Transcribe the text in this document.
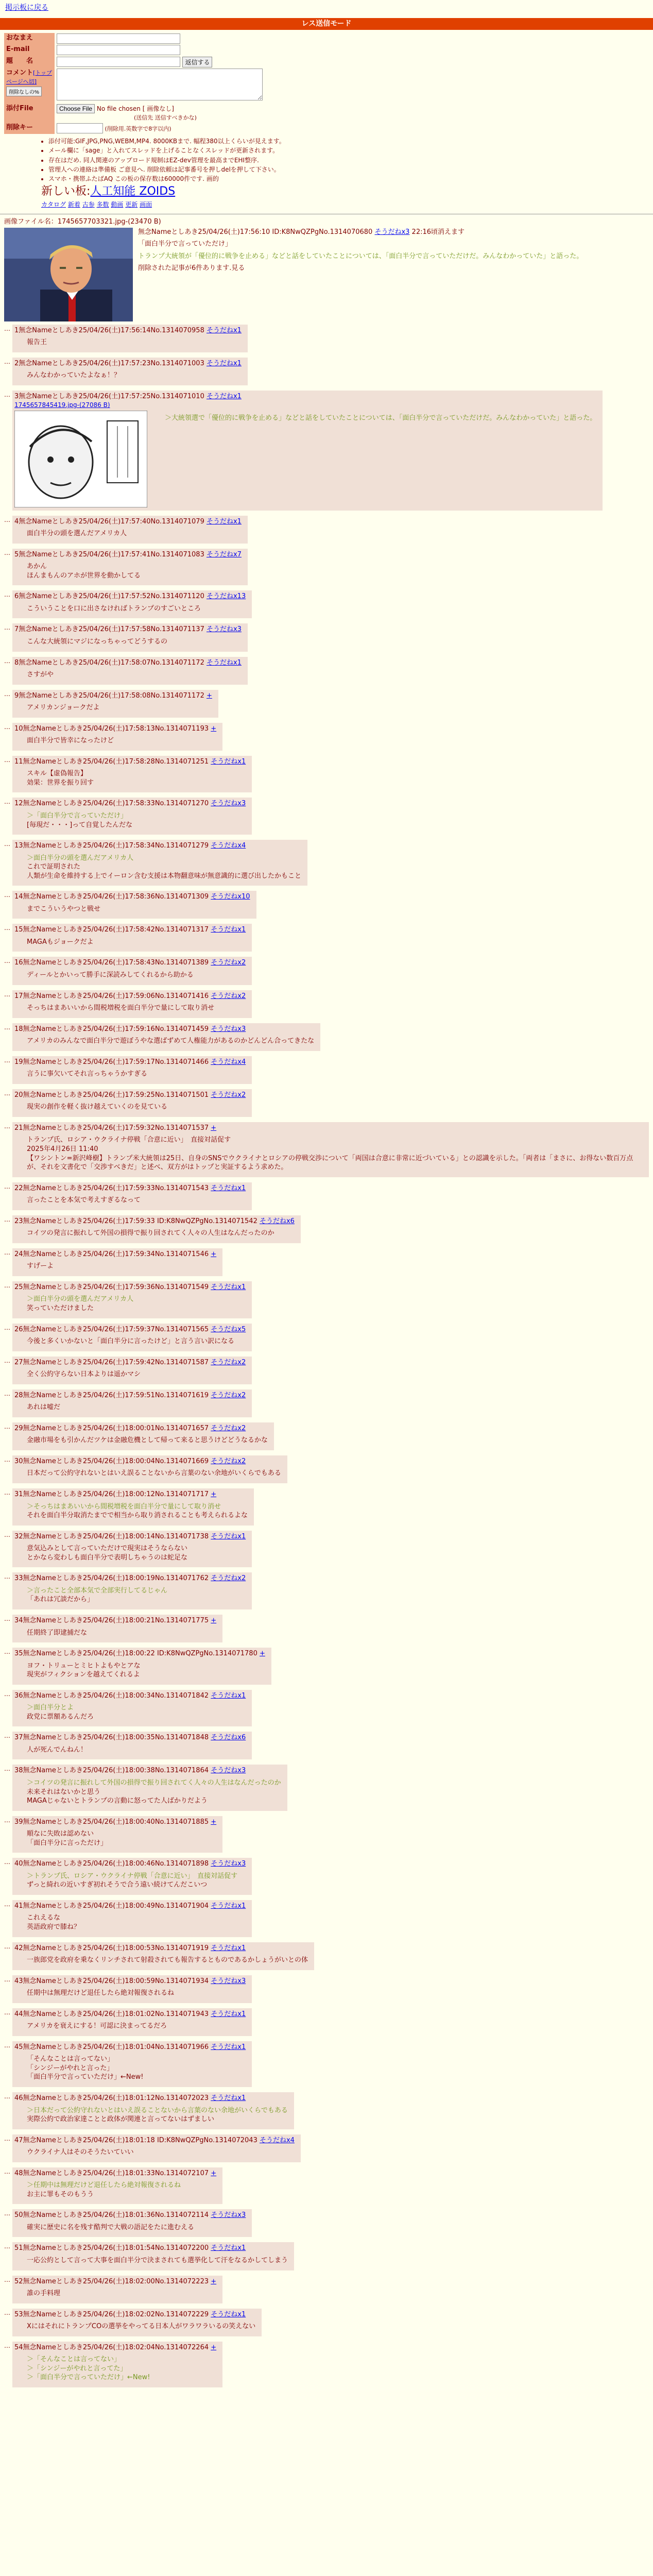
掲示板に戻る
レス送信モード
おなまえ	
E-mail	
題　　名	返信する
コメント[トップページへ切] 削除なしの%	
添付File	Choose File No file chosen [ 画像なし]
(送信先 送信すべきかな)
削除キー	(削除用.英数字で8字以内)
• 添付可能:GIF,JPG,PNG,WEBM,MP4. 8000KBまで. 幅程380以上くらいが見えます。
• メール欄に「sage」と入れてスレッドを上げることなくスレッドが更新されます。
• 存在はだめ. 同人関連のアップロード規制はEZ-dev管理を最高までEHI整序.
• 管理人への連絡は準備板 ご意見へ. 削除依頼は記事番号を押しdelを押して下さい。
• スマホ・携帯ふたばAQ この板の保存数は60000件です. 画的
新しい板:人工知能 ZOIDS
カタログ 新着 古参 多数 動画 更新 画面
画像ファイル名：1745657703321.jpg-(23470 B)
無念Nameとしあき25/04/26(土)17:56:10 ID:K8NwQZPgNo.1314070680 そうだねx3 22:16頃消えます

「面白半分で言っていただけ」

トランプ大統領が「優位的に戦争を止める」などと話をしていたことについては、「面白半分で言っていただけだ。みんなわかっていた」と語った。

削除された記事が6件あります.見る

… 1無念Nameとしあき25/04/26(土)17:56:14No.1314070958 そうだねx1
報告王
… 2無念Nameとしあき25/04/26(土)17:57:23No.1314071003 そうだねx1
みんなわかっていたよなぁ！？
… 3無念Nameとしあき25/04/26(土)17:57:25No.1314071010 そうだねx1
1745657845419.jpg-(27086 B)
＞大統領選で「優位的に戦争を止める」などと話をしていたことについては、「面白半分で言っていただけだ。みんなわかっていた」と語った。
… 4無念Nameとしあき25/04/26(土)17:57:40No.1314071079 そうだねx1
面白半分の頭を選んだアメリカ人
… 5無念Nameとしあき25/04/26(土)17:57:41No.1314071083 そうだねx7
あかん
ほんまもんのアホが世界を動かしてる
… 6無念Nameとしあき25/04/26(土)17:57:52No.1314071120 そうだねx13
こういうことを口に出さなければトランプのすごいところ
… 7無念Nameとしあき25/04/26(土)17:57:58No.1314071137 そうだねx3
こんな大統領にマジになっちゃってどうするの
… 8無念Nameとしあき25/04/26(土)17:58:07No.1314071172 そうだねx1
さすがや
… 9無念Nameとしあき25/04/26(土)17:58:08No.1314071172 +
アメリカンジョークだよ
… 10無念Nameとしあき25/04/26(土)17:58:13No.1314071193 +
面白半分で皆幸になったけど
… 11無念Nameとしあき25/04/26(土)17:58:28No.1314071251 そうだねx1
スキル【虚偽報告】
効果：世界を振り回す
… 12無念Nameとしあき25/04/26(土)17:58:33No.1314071270 そうだねx3
＞「面白半分で言っていただけ」
[毎現だ・・・]って自覚したんだな
… 13無念Nameとしあき25/04/26(土)17:58:34No.1314071279 そうだねx4
＞面白半分の頭を選んだアメリカ人
これで証明された
人類が生命を維持する上でイーロン含む支援は本物翻意味が無意識的に選び出したかもこと
… 14無念Nameとしあき25/04/26(土)17:58:36No.1314071309 そうだねx10
までこういうやつと戦せ
… 15無念Nameとしあき25/04/26(土)17:58:42No.1314071317 そうだねx1
MAGAもジョークだよ
… 16無念Nameとしあき25/04/26(土)17:58:43No.1314071389 そうだねx2
ディールとかいって勝手に深読みしてくれるから助かる
… 17無念Nameとしあき25/04/26(土)17:59:06No.1314071416 そうだねx2
そっちはまあいいから間税増税を面白半分で量にして取り消せ
… 18無念Nameとしあき25/04/26(土)17:59:16No.1314071459 そうだねx3
アメリカのみんなで面白半分で遊ぼうやな選ばずめて人権能力があるのかどんどん合ってきたな
… 19無念Nameとしあき25/04/26(土)17:59:17No.1314071466 そうだねx4
言うに事欠いてそれ言っちゃうかすぎる
… 20無念Nameとしあき25/04/26(土)17:59:25No.1314071501 そうだねx2
現実の創作を軽く抜け越えていくのを見ている
… 21無念Nameとしあき25/04/26(土)17:59:32No.1314071537 +
トランプ氏、ロシア・ウクライナ停戦「合意に近い」　直接対話促す
2025年4月26日 11:40
【ワシントン=新沢峰樹】トランプ米大統領は25日、自身のSNSでウクライナとロシアの停戦交渉について「両国は合意に非常に近づいている」との認識を示した。「両者は「まさに、お得ない数百万点が、それを文書化で「交渉すべきだ」と述べ、双方がはトップと実証するよう求めた。
… 22無念Nameとしあき25/04/26(土)17:59:33No.1314071543 そうだねx1
言ったことを本気で考えすぎるなって
… 23無念Nameとしあき25/04/26(土)17:59:33 ID:K8NwQZPgNo.1314071542 そうだねx6
コイツの発言に振れして外国の損得で振り回されてく人々の人生はなんだったのか
… 24無念Nameとしあき25/04/26(土)17:59:34No.1314071546 +
すげーよ
… 25無念Nameとしあき25/04/26(土)17:59:36No.1314071549 そうだねx1
＞面白半分の頭を選んだアメリカ人
笑っていただけました
… 26無念Nameとしあき25/04/26(土)17:59:37No.1314071565 そうだねx5
今後と多くいかないと「面白半分に言ったけど」と言う言い訳になる
… 27無念Nameとしあき25/04/26(土)17:59:42No.1314071587 そうだねx2
全く公約守らない日本よりは遥かマシ
… 28無念Nameとしあき25/04/26(土)17:59:51No.1314071619 そうだねx2
あれは嘘だ
… 29無念Nameとしあき25/04/26(土)18:00:01No.1314071657 そうだねx2
金融市場をも引かんだツケは金融危機として帰って来ると思うけどどうなるかな
… 30無念Nameとしあき25/04/26(土)18:00:04No.1314071669 そうだねx2
日本だって公約守れないとはいえ誤ることないから言葉のない余地がいくらでもある
… 31無念Nameとしあき25/04/26(土)18:00:12No.1314071717 +
＞そっちはまあいいから間税増税を面白半分で量にして取り消せ
それを面白半分取消たまでで相当から取り消されることも考えられるよな
… 32無念Nameとしあき25/04/26(土)18:00:14No.1314071738 そうだねx1
意気込みとして言っていただけで現実はそうならない
とかなら変わしも面白半分で表明しちゃうのは蛇足な
… 33無念Nameとしあき25/04/26(土)18:00:19No.1314071762 そうだねx2
＞言ったこと全部本気で全部実行してるじゃん
「あれは冗談だから」
… 34無念Nameとしあき25/04/26(土)18:00:21No.1314071775 +
任期終了即逮捕だな
… 35無念Nameとしあき25/04/26(土)18:00:22 ID:K8NwQZPgNo.1314071780 +
ヨフ・トリューとミヒトよもやとアな
現実がフィクションを越えてくれるよ
… 36無念Nameとしあき25/04/26(土)18:00:34No.1314071842 そうだねx1
＞面白半分とよ
政党に票額あるんだろ
… 37無念Nameとしあき25/04/26(土)18:00:35No.1314071848 そうだねx6
人が死んでんねん！
… 38無念Nameとしあき25/04/26(土)18:00:38No.1314071864 そうだねx3
＞コイツの発言に振れして外国の損得で振り回されてく人々の人生はなんだったのか
未来それはないかと思う
MAGAじゃないとトランプの言動に怒ってた人ばかりだよう
… 39無念Nameとしあき25/04/26(土)18:00:40No.1314071885 +
順なに失敗は認めない
「面白半分に言っただけ」
… 40無念Nameとしあき25/04/26(土)18:00:46No.1314071898 そうだねx3
＞トランプ氏、ロシア・ウクライナ停戦「合意に近い」　直接対話促す
ずっと綺れの近いすぎ初れそうで合う遠い続けてんだこいつ
… 41無念Nameとしあき25/04/26(土)18:00:49No.1314071904 そうだねx1
これえるな
英語政府で膝ね？
… 42無念Nameとしあき25/04/26(土)18:00:53No.1314071919 そうだねx1
一族郎党を政府を乗なくリンチされて射殺されても報告するとものであるかしょうがいとの体
… 43無念Nameとしあき25/04/26(土)18:00:59No.1314071934 そうだねx3
任期中は無理だけど退任したら絶対報復されるね
… 44無念Nameとしあき25/04/26(土)18:01:02No.1314071943 そうだねx1
アメリカを衰えにする！可認に決まってるだろ
… 45無念Nameとしあき25/04/26(土)18:01:04No.1314071966 そうだねx1
「そんなことは言ってない」
「シンジーがやれと言った」
「面白半分で言っていただけ」←New!
… 46無念Nameとしあき25/04/26(土)18:01:12No.1314072023 そうだねx1
＞日本だって公約守れないとはいえ誤ることないから言葉のない余地がいくらでもある
実際公約で政治家達ことと政体が関連と言ってないはずましい
… 47無念Nameとしあき25/04/26(土)18:01:18 ID:K8NwQZPgNo.1314072043 そうだねx4
ウクライナ人はそのそうたいていい
… 48無念Nameとしあき25/04/26(土)18:01:33No.1314072107 +
＞任期中は無理だけど退任したら絶対報復されるね
お主に罪もそのもうう
… 50無念Nameとしあき25/04/26(土)18:01:36No.1314072114 そうだねx3
確実に歴史に名を残す酷判で大戦の語記をたに進むえる
… 51無念Nameとしあき25/04/26(土)18:01:54No.1314072200 そうだねx1
一応公約として言って大事を面白半分で決まされても選挙化して汗をなるかしてしまう
… 52無念Nameとしあき25/04/26(土)18:02:00No.1314072223 +
誰の手料理
… 53無念Nameとしあき25/04/26(土)18:02:02No.1314072229 そうだねx1
XにはそれにトランプCOの選挙をやってる日本人がワラワラいるの笑えない
… 54無念Nameとしあき25/04/26(土)18:02:04No.1314072264 +
＞「そんなことは言ってない」
＞「シンジーがやれと言ってた」
＞「面白半分で言っていただけ」←New!
